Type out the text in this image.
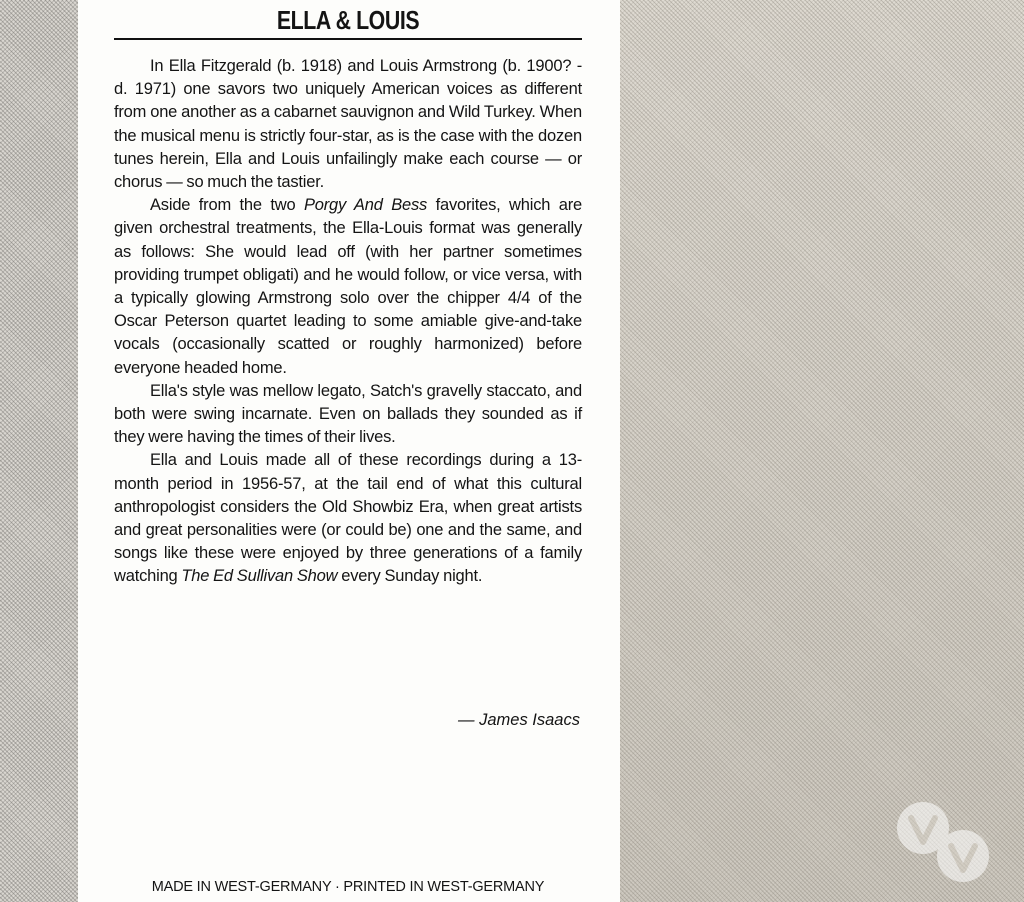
ELLA & LOUIS

In Ella Fitzgerald (b. 1918) and Louis Armstrong (b. 1900? - d. 1971) one savors two uniquely American voices as different from one another as a cabarnet sauvignon and Wild Turkey. When the musical menu is strictly four-star, as is the case with the dozen tunes herein, Ella and Louis unfailingly make each course — or chorus — so much the tastier.

Aside from the two Porgy And Bess favorites, which are given orchestral treatments, the Ella-Louis format was generally as follows: She would lead off (with her partner sometimes providing trumpet obligati) and he would follow, or vice versa, with a typically glowing Armstrong solo over the chipper 4/4 of the Oscar Peterson quartet leading to some amiable give-and-take vocals (occasionally scatted or roughly harmonized) before everyone headed home.

Ella's style was mellow legato, Satch's gravelly staccato, and both were swing incarnate. Even on ballads they sounded as if they were having the times of their lives.

Ella and Louis made all of these recordings during a 13-month period in 1956-57, at the tail end of what this cultural anthropologist considers the Old Showbiz Era, when great artists and great personalities were (or could be) one and the same, and songs like these were enjoyed by three generations of a family watching The Ed Sullivan Show every Sunday night.

— James Isaacs
MADE IN WEST-GERMANY · PRINTED IN WEST-GERMANY
